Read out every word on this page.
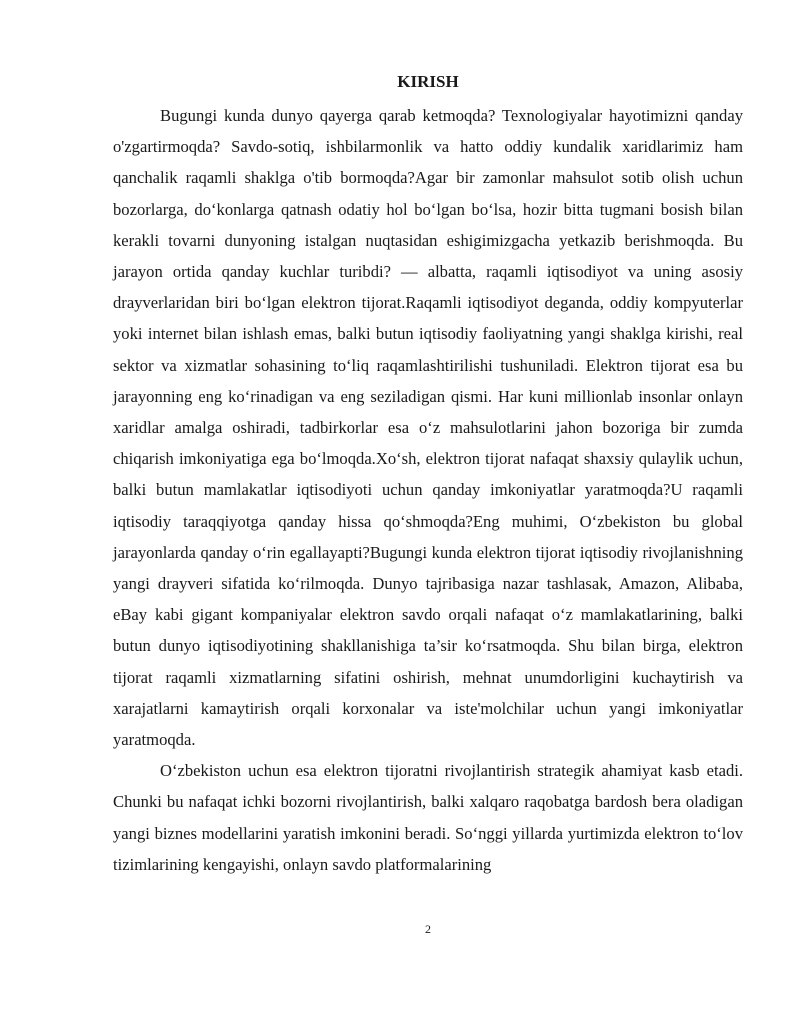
KIRISH

Bugungi kunda dunyo qayerga qarab ketmoqda? Texnologiyalar hayotimizni qanday o'zgartirmoqda? Savdo-sotiq, ishbilarmonlik va hatto oddiy kundalik xaridlarimiz ham qanchalik raqamli shaklga o'tib bormoqda?Agar bir zamonlar mahsulot sotib olish uchun bozorlarga, do‘konlarga qatnash odatiy hol bo‘lgan bo‘lsa, hozir bitta tugmani bosish bilan kerakli tovarni dunyoning istalgan nuqtasidan eshigimizgacha yetkazib berishmoqda. Bu jarayon ortida qanday kuchlar turibdi? — albatta, raqamli iqtisodiyot va uning asosiy drayverlaridan biri bo‘lgan elektron tijorat.Raqamli iqtisodiyot deganda, oddiy kompyuterlar yoki internet bilan ishlash emas, balki butun iqtisodiy faoliyatning yangi shaklga kirishi, real sektor va xizmatlar sohasining to‘liq raqamlashtirilishi tushuniladi. Elektron tijorat esa bu jarayonning eng ko‘rinadigan va eng seziladigan qismi. Har kuni millionlab insonlar onlayn xaridlar amalga oshiradi, tadbirkorlar esa o‘z mahsulotlarini jahon bozoriga bir zumda chiqarish imkoniyatiga ega bo‘lmoqda.Xo‘sh, elektron tijorat nafaqat shaxsiy qulaylik uchun, balki butun mamlakatlar iqtisodiyoti uchun qanday imkoniyatlar yaratmoqda?U raqamli iqtisodiy taraqqiyotga qanday hissa qo‘shmoqda?Eng muhimi, O‘zbekiston bu global jarayonlarda qanday o‘rin egallayapti?Bugungi kunda elektron tijorat iqtisodiy rivojlanishning yangi drayveri sifatida ko‘rilmoqda. Dunyo tajribasiga nazar tashlasak, Amazon, Alibaba, eBay kabi gigant kompaniyalar elektron savdo orqali nafaqat o‘z mamlakatlarining, balki butun dunyo iqtisodiyotining shakllanishiga ta’sir ko‘rsatmoqda. Shu bilan birga, elektron tijorat raqamli xizmatlarning sifatini oshirish, mehnat unumdorligini kuchaytirish va xarajatlarni kamaytirish orqali korxonalar va iste'molchilar uchun yangi imkoniyatlar yaratmoqda.

O‘zbekiston uchun esa elektron tijoratni rivojlantirish strategik ahamiyat kasb etadi. Chunki bu nafaqat ichki bozorni rivojlantirish, balki xalqaro raqobatga bardosh bera oladigan yangi biznes modellarini yaratish imkonini beradi. So‘nggi yillarda yurtimizda elektron to‘lov tizimlarining kengayishi, onlayn savdo platformalarining

2
